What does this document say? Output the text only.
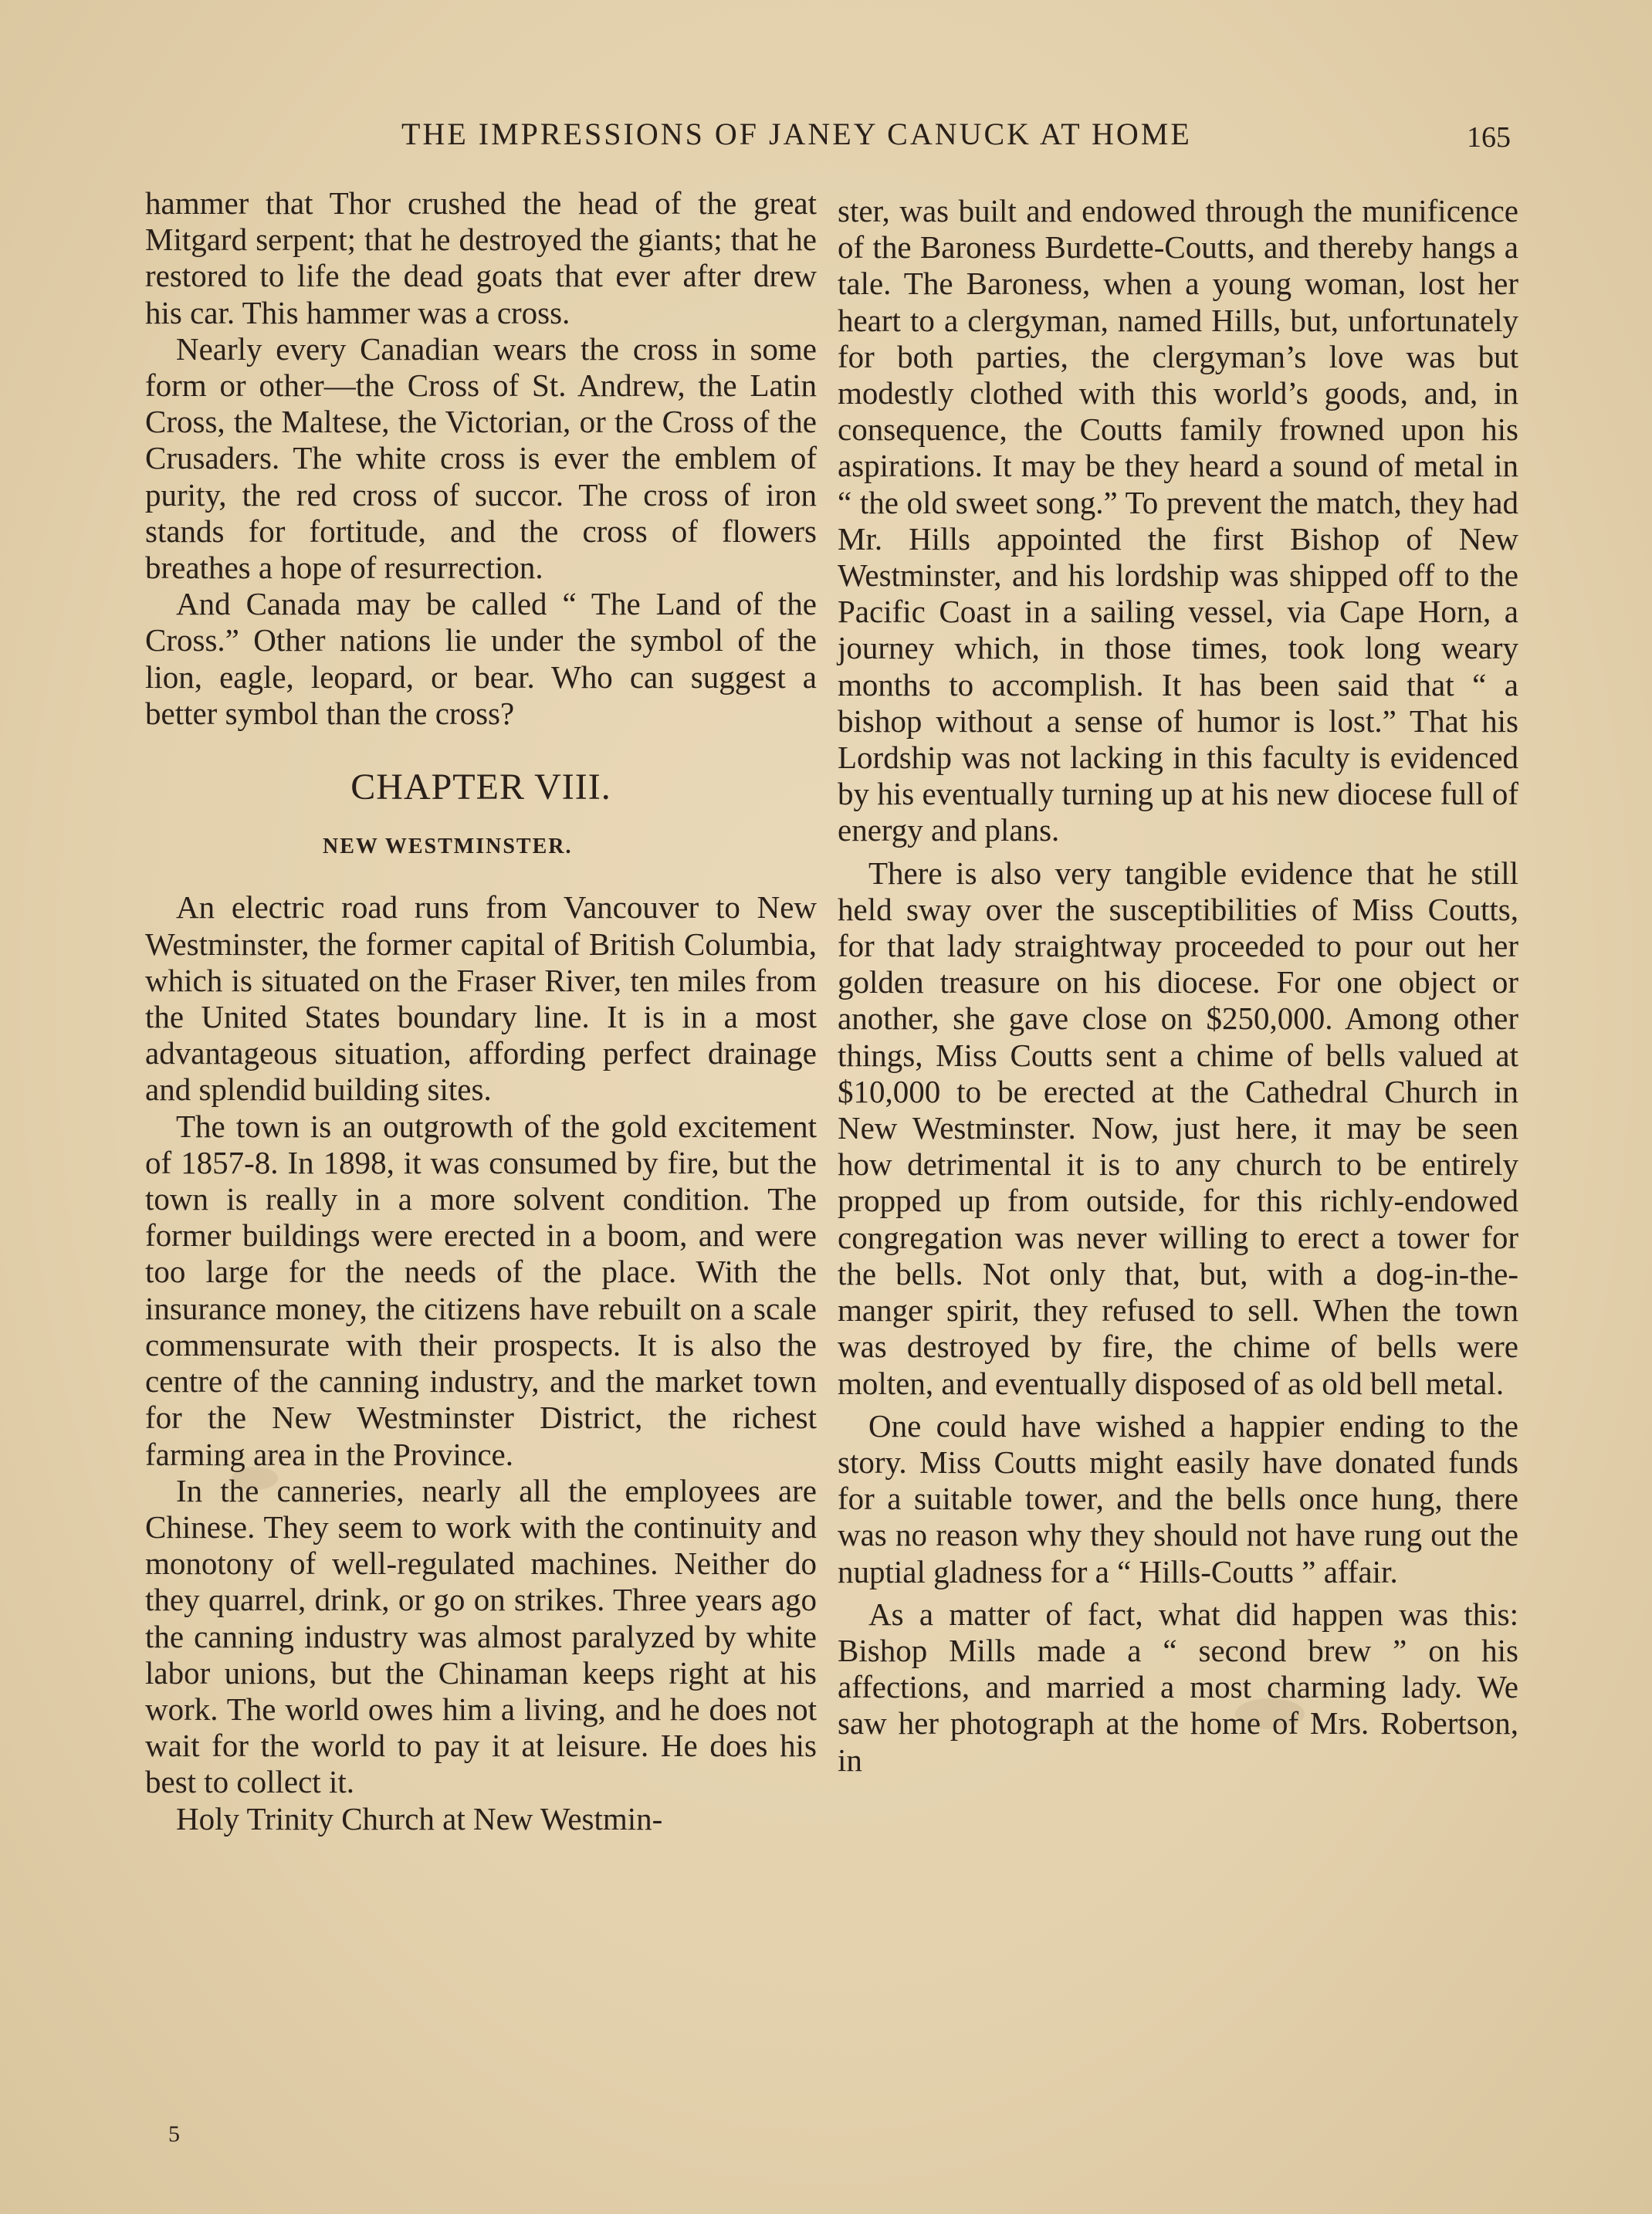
THE IMPRESSIONS OF JANEY CANUCK AT HOME	165

hammer that Thor crushed the head of the great Mitgard serpent; that he destroyed the giants; that he restored to life the dead goats that ever after drew his car. This hammer was a cross.

Nearly every Canadian wears the cross in some form or other—the Cross of St. Andrew, the Latin Cross, the Maltese, the Victorian, or the Cross of the Crusaders. The white cross is ever the emblem of purity, the red cross of succor. The cross of iron stands for fortitude, and the cross of flowers breathes a hope of resurrection.

And Canada may be called “ The Land of the Cross.” Other nations lie under the symbol of the lion, eagle, leopard, or bear. Who can suggest a better symbol than the cross?

CHAPTER VIII.
NEW WESTMINSTER.

An electric road runs from Vancouver to New Westminster, the former capital of British Columbia, which is situated on the Fraser River, ten miles from the United States boundary line. It is in a most advantageous situation, affording perfect drainage and splendid building sites.

The town is an outgrowth of the gold excitement of 1857-8. In 1898, it was consumed by fire, but the town is really in a more solvent condition. The former buildings were erected in a boom, and were too large for the needs of the place. With the insurance money, the citizens have rebuilt on a scale commensurate with their prospects. It is also the centre of the canning industry, and the market town for the New Westminster District, the richest farming area in the Province.

In the canneries, nearly all the employees are Chinese. They seem to work with the continuity and monotony of well-regulated machines. Neither do they quarrel, drink, or go on strikes. Three years ago the canning industry was almost paralyzed by white labor unions, but the Chinaman keeps right at his work. The world owes him a living, and he does not wait for the world to pay it at leisure. He does his best to collect it.

Holy Trinity Church at New Westmin-

5

ster, was built and endowed through the munificence of the Baroness Burdette-Coutts, and thereby hangs a tale. The Baroness, when a young woman, lost her heart to a clergyman, named Hills, but, unfortunately for both parties, the clergyman’s love was but modestly clothed with this world’s goods, and, in consequence, the Coutts family frowned upon his aspirations. It may be they heard a sound of metal in “ the old sweet song.” To prevent the match, they had Mr. Hills appointed the first Bishop of New Westminster, and his lordship was shipped off to the Pacific Coast in a sailing vessel, via Cape Horn, a journey which, in those times, took long weary months to accomplish. It has been said that “ a bishop without a sense of humor is lost.” That his Lordship was not lacking in this faculty is evidenced by his eventually turning up at his new diocese full of energy and plans.

There is also very tangible evidence that he still held sway over the susceptibilities of Miss Coutts, for that lady straightway proceeded to pour out her golden treasure on his diocese. For one object or another, she gave close on $250,000. Among other things, Miss Coutts sent a chime of bells valued at $10,000 to be erected at the Cathedral Church in New Westminster. Now, just here, it may be seen how detrimental it is to any church to be entirely propped up from outside, for this richly-endowed congregation was never willing to erect a tower for the bells. Not only that, but, with a dog-in-the-manger spirit, they refused to sell. When the town was destroyed by fire, the chime of bells were molten, and eventually disposed of as old bell metal.

One could have wished a happier ending to the story. Miss Coutts might easily have donated funds for a suitable tower, and the bells once hung, there was no reason why they should not have rung out the nuptial gladness for a “ Hills-Coutts ” affair.

As a matter of fact, what did happen was this: Bishop Mills made a “ second brew ” on his affections, and married a most charming lady. We saw her photograph at the home of Mrs. Robertson, in
